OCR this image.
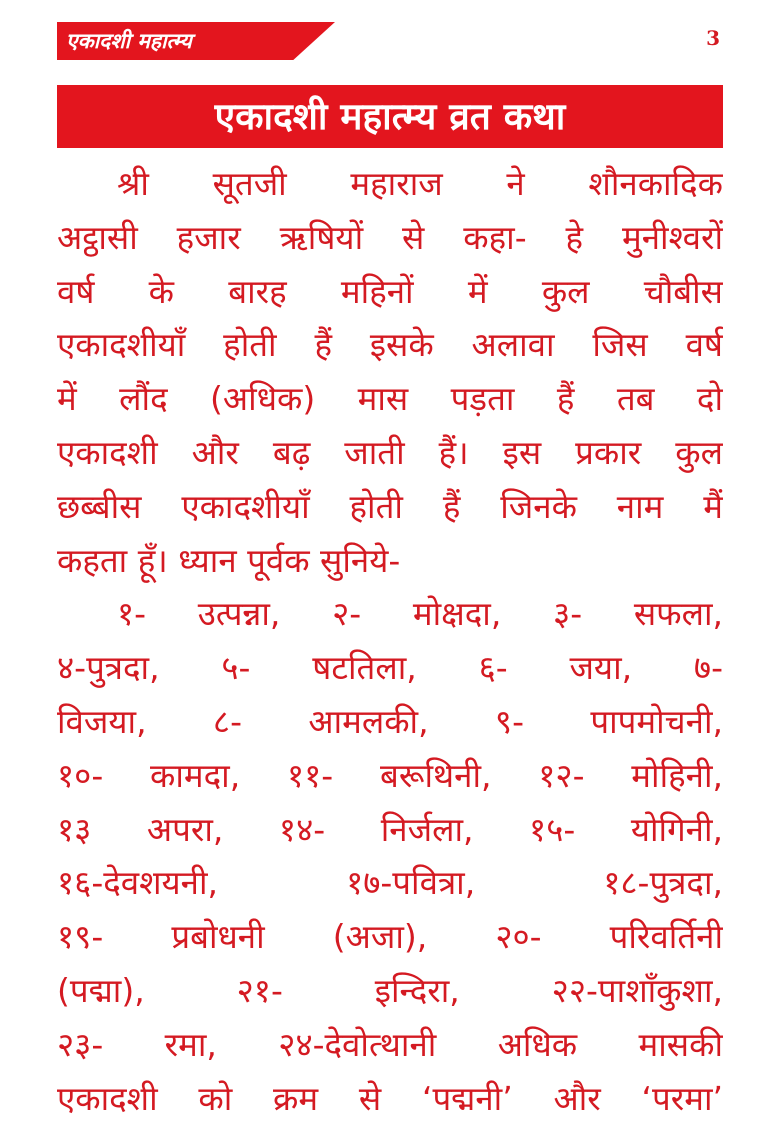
एकादशी महात्म्य	3
एकादशी महात्म्य व्रत कथा
श्री सूतजी महाराज ने शौनकादिक
अट्ठासी हजार ऋषियों से कहा- हे मुनीश्वरों
वर्ष के बारह महिनों में कुल चौबीस
एकादशीयाँ होती हैं इसके अलावा जिस वर्ष
में लौंद (अधिक) मास पड़ता हैं तब दो
एकादशी और बढ़ जाती हैं। इस प्रकार कुल
छब्बीस एकादशीयाँ होती हैं जिनके नाम मैं
कहता हूँ। ध्यान पूर्वक सुनिये-
१- उत्पन्ना, २- मोक्षदा, ३- सफला,
४-पुत्रदा, ५- षटतिला, ६- जया, ७-
विजया, ८- आमलकी, ९- पापमोचनी,
१०- कामदा, ११- बरूथिनी, १२- मोहिनी,
१३ अपरा, १४- निर्जला, १५- योगिनी,
१६-देवशयनी, १७-पवित्रा, १८-पुत्रदा,
१९- प्रबोधनी (अजा), २०- परिवर्तिनी
(पद्मा), २१- इन्दिरा, २२-पाशाँकुशा,
२३- रमा, २४-देवोत्थानी अधिक मासकी
एकादशी को क्रम से ‘पद्मनी’ और ‘परमा’
